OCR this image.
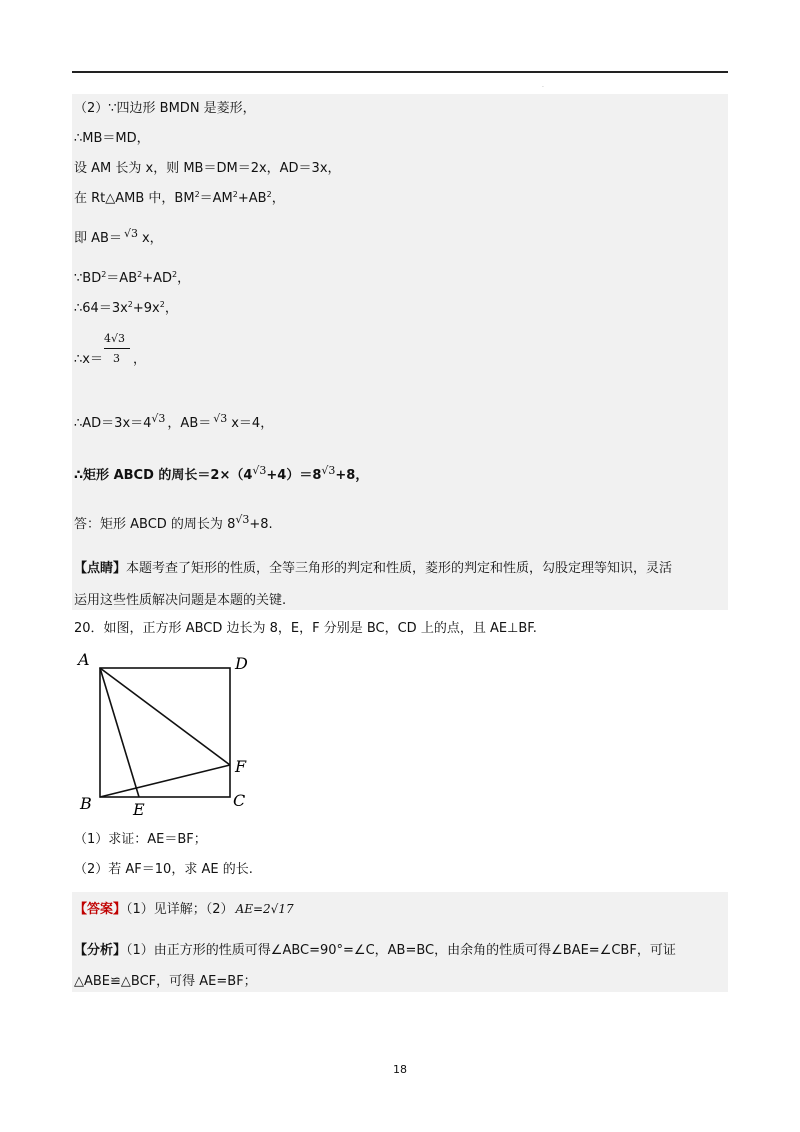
·
（2）∵四边形 BMDN 是菱形，
∴MB＝MD，
设 AM 长为 x，则 MB＝DM＝2x，AD＝3x，
在 Rt△AMB 中，$BM^2=AM^2+AB^2$，
即 AB＝ √3 x，
$\because BD^2=AB^2+AD^2$，
$\therefore 64=3x^2+9x^2$，
4√3
3
∴x＝ ，
∴AD＝3x＝4 √3 ，AB＝ √3 x＝4，
∴矩形 ABCD 的周长＝2×（4 √3 +4）＝8 √3 +8，
答：矩形 ABCD 的周长为 8 √3 +8.
【点睛】本题考查了矩形的性质，全等三角形的判定和性质，菱形的判定和性质，勾股定理等知识，灵活
运用这些性质解决问题是本题的关键.
20．如图，正方形 ABCD 边长为 8，E，F 分别是 BC，CD 上的点，且 AE⊥BF.
A	D
F
B	C
E
（1）求证：AE＝BF；
（2）若 AF＝10，求 AE 的长.
【答案】（1）见详解；（2） AE=2√17
【分析】（1）由正方形的性质可得∠ABC=90°=∠C，AB=BC，由余角的性质可得∠BAE=∠CBF，可证
△ABE≌△BCF，可得 AE=BF；
18
